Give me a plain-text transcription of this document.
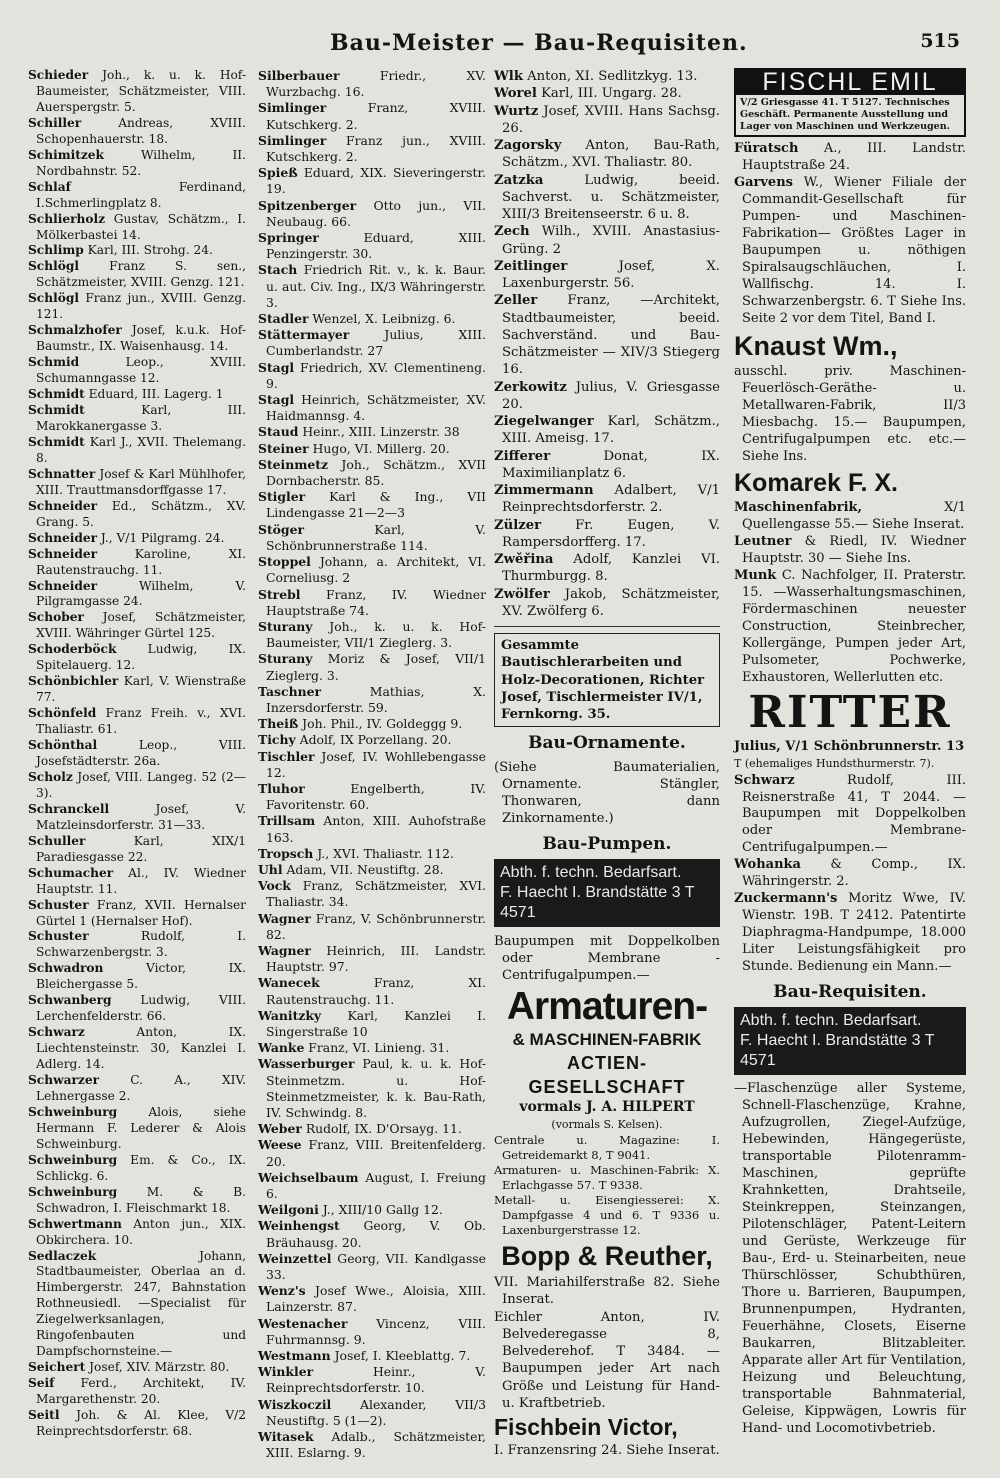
Bau-Meister — Bau-Requisiten.	515

Schieder Joh., k. u. k. Hof-Baumeister, Schätzmeister, VIII. Auerspergstr. 5.

Schiller Andreas, XVIII. Schopenhauerstr. 18.

Schimitzek Wilhelm, II. Nordbahnstr. 52.

Schlaf Ferdinand, I.Schmerlingplatz 8.

Schlierholz Gustav, Schätzm., I. Mölkerbastei 14.

Schlimp Karl, III. Strohg. 24.

Schlögl Franz S. sen., Schätzmeister, XVIII. Genzg. 121.

Schlögl Franz jun., XVIII. Genzg. 121.

Schmalzhofer Josef, k.u.k. Hof-Baumstr., IX. Waisenhausg. 14.

Schmid Leop., XVIII. Schumanngasse 12.

Schmidt Eduard, III. Lagerg. 1

Schmidt Karl, III. Marokkanergasse 3.

Schmidt Karl J., XVII. Thelemang. 8.

Schnatter Josef & Karl Mühlhofer, XIII. Trauttmansdorffgasse 17.

Schneider Ed., Schätzm., XV. Grang. 5.

Schneider J., V/1 Pilgramg. 24.

Schneider Karoline, XI. Rautenstrauchg. 11.

Schneider Wilhelm, V. Pilgramgasse 24.

Schober Josef, Schätzmeister, XVIII. Währinger Gürtel 125.

Schoderböck Ludwig, IX. Spitelauerg. 12.

Schönbichler Karl, V. Wienstraße 77.

Schönfeld Franz Freih. v., XVI. Thaliastr. 61.

Schönthal Leop., VIII. Josefstädterstr. 26a.

Scholz Josef, VIII. Langeg. 52 (2—3).

Schranckell Josef, V. Matzleinsdorferstr. 31—33.

Schuller Karl, XIX/1 Paradiesgasse 22.

Schumacher Al., IV. Wiedner Hauptstr. 11.

Schuster Franz, XVII. Hernalser Gürtel 1 (Hernalser Hof).

Schuster Rudolf, I. Schwarzenbergstr. 3.

Schwadron Victor, IX. Bleichergasse 5.

Schwanberg Ludwig, VIII. Lerchenfelderstr. 66.

Schwarz Anton, IX. Liechtensteinstr. 30, Kanzlei I. Adlerg. 14.

Schwarzer C. A., XIV. Lehnergasse 2.

Schweinburg Alois, siehe Hermann F. Lederer & Alois Schweinburg.

Schweinburg Em. & Co., IX. Schlickg. 6.

Schweinburg M. & B. Schwadron, I. Fleischmarkt 18.

Schwertmann Anton jun., XIX. Obkirchera. 10.

Sedlaczek Johann, Stadtbaumeister, Oberlaa an d. Himbergerstr. 247, Bahnstation Rothneusiedl. —Specialist für Ziegelwerksanlagen, Ringofenbauten und Dampfschornsteine.—

Seichert Josef, XIV. Märzstr. 80.

Seif Ferd., Architekt, IV. Margarethenstr. 20.

Seitl Joh. & Al. Klee, V/2 Reinprechtsdorferstr. 68.

Silberbauer Friedr., XV. Wurzbachg. 16.

Simlinger Franz, XVIII. Kutschkerg. 2.

Simlinger Franz jun., XVIII. Kutschkerg. 2.

Spieß Eduard, XIX. Sieveringerstr. 19.

Spitzenberger Otto jun., VII. Neubaug. 66.

Springer Eduard, XIII. Penzingerstr. 30.

Stach Friedrich Rit. v., k. k. Baur. u. aut. Civ. Ing., IX/3 Währingerstr. 3.

Stadler Wenzel, X. Leibnizg. 6.

Stättermayer Julius, XIII. Cumberlandstr. 27

Stagl Friedrich, XV. Clementineng. 9.

Stagl Heinrich, Schätzmeister, XV. Haidmannsg. 4.

Staud Heinr., XIII. Linzerstr. 38

Steiner Hugo, VI. Millerg. 20.

Steinmetz Joh., Schätzm., XVII Dornbacherstr. 85.

Stigler Karl & Ing., VII Lindengasse 21—2—3

Stöger Karl, V. Schönbrunnerstraße 114.

Stoppel Johann, a. Architekt, VI. Corneliusg. 2

Strebl Franz, IV. Wiedner Hauptstraße 74.

Sturany Joh., k. u. k. Hof-Baumeister, VII/1 Zieglerg. 3.

Sturany Moriz & Josef, VII/1 Zieglerg. 3.

Taschner Mathias, X. Inzersdorferstr. 59.

Theiß Joh. Phil., IV. Goldeggg 9.

Tichy Adolf, IX Porzellang. 20.

Tischler Josef, IV. Wohllebengasse 12.

Tluhor Engelberth, IV. Favoritenstr. 60.

Trillsam Anton, XIII. Auhofstraße 163.

Tropsch J., XVI. Thaliastr. 112.

Uhl Adam, VII. Neustiftg. 28.

Vock Franz, Schätzmeister, XVI. Thaliastr. 34.

Wagner Franz, V. Schönbrunnerstr. 82.

Wagner Heinrich, III. Landstr. Hauptstr. 97.

Wanecek Franz, XI. Rautenstrauchg. 11.

Wanitzky Karl, Kanzlei I. Singerstraße 10

Wanke Franz, VI. Linieng. 31.

Wasserburger Paul, k. u. k. Hof-Steinmetzm. u. Hof-Steinmetzmeister, k. k. Bau-Rath, IV. Schwindg. 8.

Weber Rudolf, IX. D'Orsayg. 11.

Weese Franz, VIII. Breitenfelderg. 20.

Weichselbaum August, I. Freiung 6.

Weilgoni J., XIII/10 Gallg 12.

Weinhengst Georg, V. Ob. Bräuhausg. 20.

Weinzettel Georg, VII. Kandlgasse 33.

Wenz's Josef Wwe., Aloisia, XIII. Lainzerstr. 87.

Westenacher Vincenz, VIII. Fuhrmannsg. 9.

Westmann Josef, I. Kleeblattg. 7.

Winkler Heinr., V. Reinprechtsdorferstr. 10.

Wiszkoczil Alexander, VII/3 Neustiftg. 5 (1—2).

Witasek Adalb., Schätzmeister, XIII. Eslarng. 9.

Wlk Anton, XI. Sedlitzkyg. 13.

Worel Karl, III. Ungarg. 28.

Wurtz Josef, XVIII. Hans Sachsg. 26.

Zagorsky Anton, Bau-Rath, Schätzm., XVI. Thaliastr. 80.

Zatzka Ludwig, beeid. Sachverst. u. Schätzmeister, XIII/3 Breitenseerstr. 6 u. 8.

Zech Wilh., XVIII. Anastasius-Grüng. 2

Zeitlinger Josef, X. Laxenburgerstr. 56.

Zeller Franz, —Architekt, Stadtbaumeister, beeid. Sachverständ. und Bau-Schätzmeister — XIV/3 Stiegerg 16.

Zerkowitz Julius, V. Griesgasse 20.

Ziegelwanger Karl, Schätzm., XIII. Ameisg. 17.

Zifferer Donat, IX. Maximilianplatz 6.

Zimmermann Adalbert, V/1 Reinprechtsdorferstr. 2.

Zülzer Fr. Eugen, V. Rampersdorfferg. 17.

Zwěřina Adolf, Kanzlei VI. Thurmburgg. 8.

Zwölfer Jakob, Schätzmeister, XV. Zwölferg 6.

Gesammte Bautischlerarbeiten und Holz-Decorationen, Richter Josef, Tischlermeister IV/1, Fernkorng. 35.
Bau-Ornamente.

(Siehe Baumaterialien, Ornamente. Stängler, Thonwaren, dann Zinkornamente.)

Bau-Pumpen.
Abth. f. techn. Bedarfsart.
F. Haecht I. Brandstätte 3 T 4571

Baupumpen mit Doppelkolben oder Membrane - Centrifugalpumpen.—

Armaturen-
& MASCHINEN-FABRIK
ACTIEN-GESELLSCHAFT
vormals J. A. HILPERT
(vormals S. Kelsen).

Centrale u. Magazine: I. Getreidemarkt 8, T 9041.

Armaturen- u. Maschinen-Fabrik: X. Erlachgasse 57. T 9338.

Metall- u. Eisengiesserei: X. Dampfgasse 4 und 6. T 9336 u. Laxenburgerstrasse 12.

Bopp & Reuther,

VII. Mariahilferstraße 82. Siehe Inserat.

Eichler Anton, IV. Belvederegasse 8, Belvederehof. T 3484. —Baupumpen jeder Art nach Größe und Leistung für Hand- u. Kraftbetrieb.

Fischbein Victor,

I. Franzensring 24. Siehe Inserat.

FISCHL EMIL
V/2 Griesgasse 41. T 5127. Technisches Geschäft. Permanente Ausstellung und Lager von Maschinen und Werkzeugen.

Füratsch A., III. Landstr. Hauptstraße 24.

Garvens W., Wiener Filiale der Commandit-Gesellschaft für Pumpen- und Maschinen-Fabrikation— Größtes Lager in Baupumpen u. nöthigen Spiralsaugschläuchen, I. Wallfischg. 14. I. Schwarzenbergstr. 6. T Siehe Ins. Seite 2 vor dem Titel, Band I.

Knaust Wm.,

ausschl. priv. Maschinen-Feuerlösch-Geräthe- u. Metallwaren-Fabrik, II/3 Miesbachg. 15.— Baupumpen, Centrifugalpumpen etc. etc.— Siehe Ins.

Komarek F. X.

Maschinenfabrik, X/1 Quellengasse 55.— Siehe Inserat.

Leutner & Riedl, IV. Wiedner Hauptstr. 30 — Siehe Ins.

Munk C. Nachfolger, II. Praterstr. 15. —Wasserhaltungsmaschinen, Fördermaschinen neuester Construction, Steinbrecher, Kollergänge, Pumpen jeder Art, Pulsometer, Pochwerke, Exhaustoren, Wellerlutten etc.

RITTER

Julius, V/1 Schönbrunnerstr. 13

T (ehemaliges Hundsthurmerstr. 7).

Schwarz Rudolf, III. Reisnerstraße 41, T 2044. —Baupumpen mit Doppelkolben oder Membrane-Centrifugalpumpen.—

Wohanka & Comp., IX. Währingerstr. 2.

Zuckermann's Moritz Wwe, IV. Wienstr. 19B. T 2412. Patentirte Diaphragma-Handpumpe, 18.000 Liter Leistungsfähigkeit pro Stunde. Bedienung ein Mann.—

Bau-Requisiten.
Abth. f. techn. Bedarfsart.
F. Haecht I. Brandstätte 3 T 4571

—Flaschenzüge aller Systeme, Schnell-Flaschenzüge, Krahne, Aufzugrollen, Ziegel-Aufzüge, Hebewinden, Hängegerüste, transportable Pilotenramm-Maschinen, geprüfte Krahnketten, Drahtseile, Steinkreppen, Steinzangen, Pilotenschläger, Patent-Leitern und Gerüste, Werkzeuge für Bau-, Erd- u. Steinarbeiten, neue Thürschlösser, Schubthüren, Thore u. Barrieren, Baupumpen, Brunnenpumpen, Hydranten, Feuerhähne, Closets, Eiserne Baukarren, Blitzableiter. Apparate aller Art für Ventilation, Heizung und Beleuchtung, transportable Bahnmaterial, Geleise, Kippwägen, Lowris für Hand- und Locomotivbetrieb.
